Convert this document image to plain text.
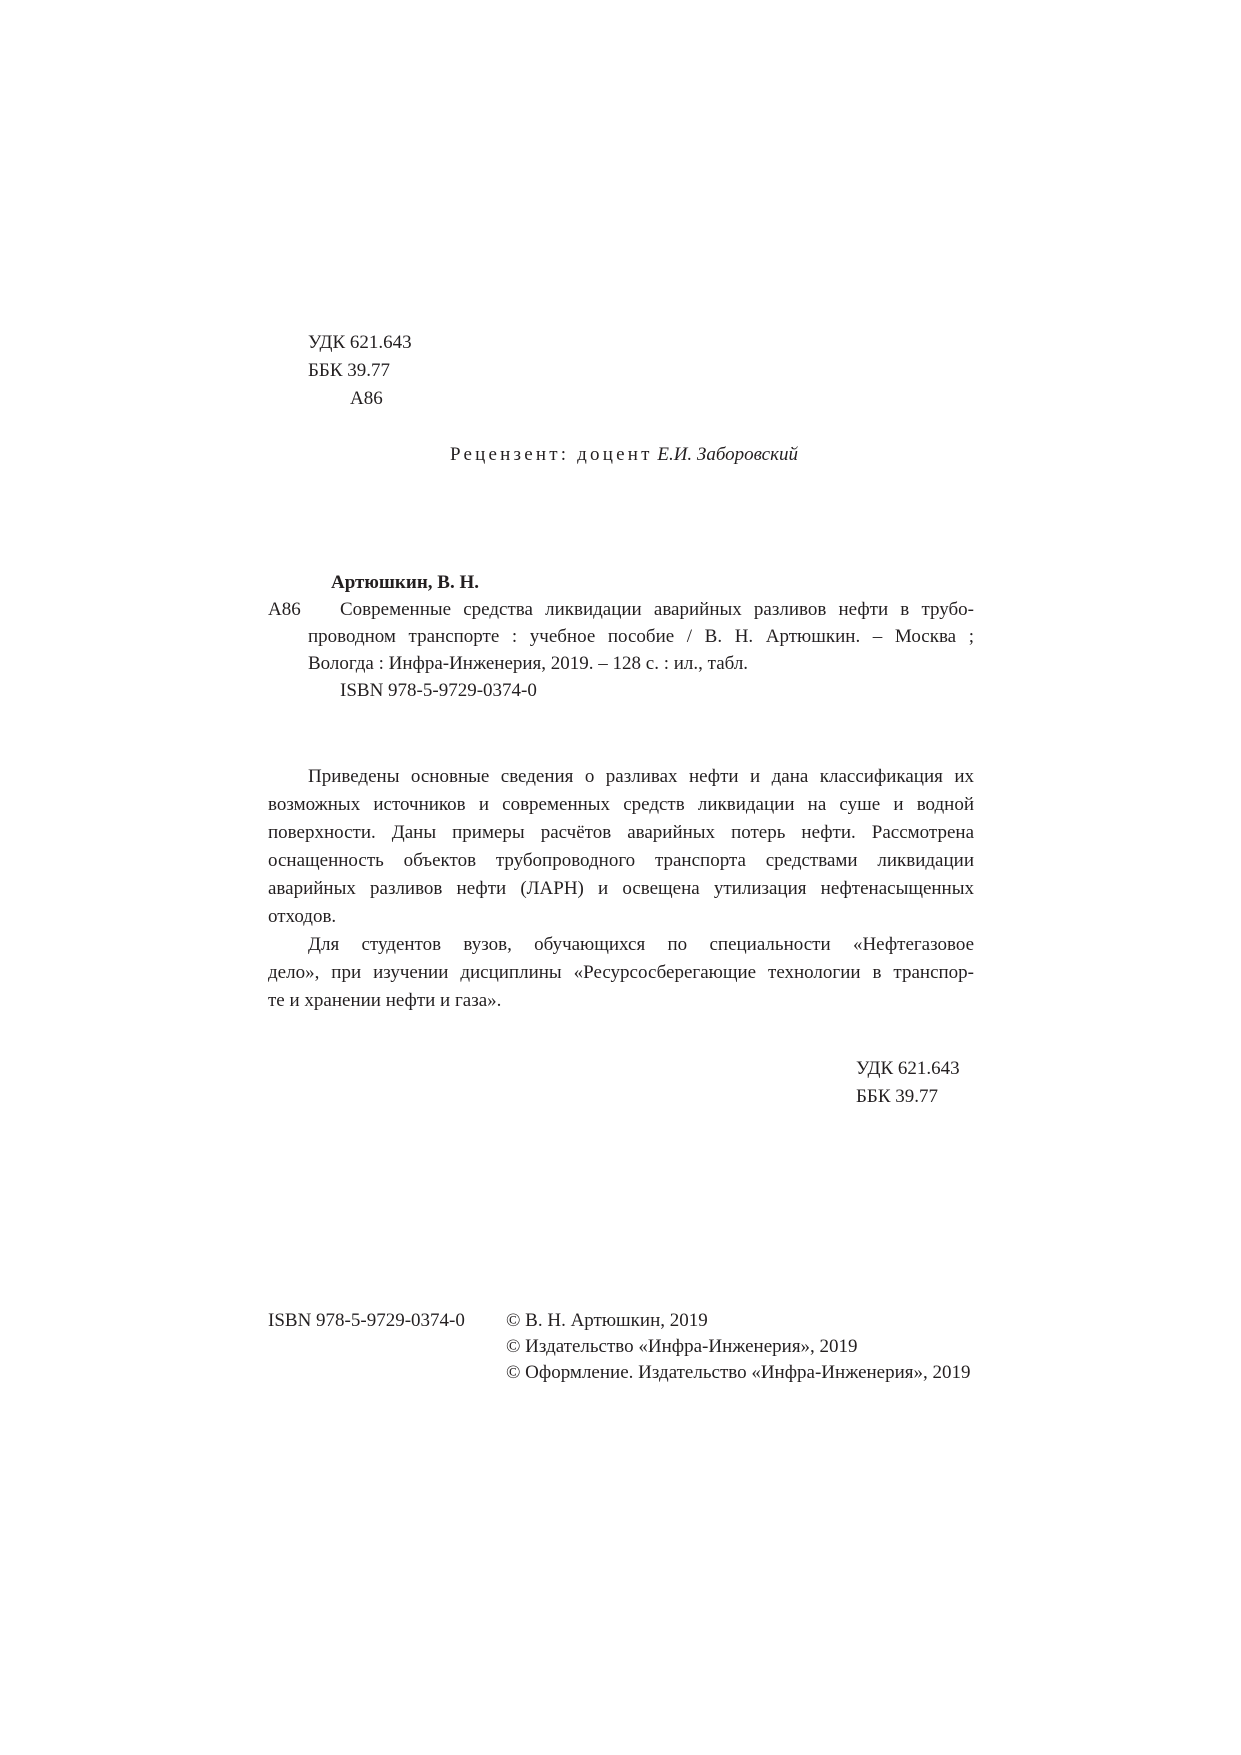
УДК 621.643
ББК 39.77
А86
Рецензент: доцент Е.И. Заборовский
Артюшкин, В. Н.
А86 Современные средства ликвидации аварийных разливов нефти в трубо-
проводном транспорте : учебное пособие / В. Н. Артюшкин. – Москва ;
Вологда : Инфра-Инженерия, 2019. – 128 с. : ил., табл.
ISBN 978-5-9729-0374-0
Приведены основные сведения о разливах нефти и дана классификация их
возможных источников и современных средств ликвидации на суше и водной
поверхности. Даны примеры расчётов аварийных потерь нефти. Рассмотрена
оснащенность объектов трубопроводного транспорта средствами ликвидации
аварийных разливов нефти (ЛАРН) и освещена утилизация нефтенасыщенных
отходов.
Для студентов вузов, обучающихся по специальности «Нефтегазовое
дело», при изучении дисциплины «Ресурсосберегающие технологии в транспор-
те и хранении нефти и газа».
УДК 621.643
ББК 39.77
ISBN 978-5-9729-0374-0 © В. Н. Артюшкин, 2019
© Издательство «Инфра-Инженерия», 2019
© Оформление. Издательство «Инфра-Инженерия», 2019
